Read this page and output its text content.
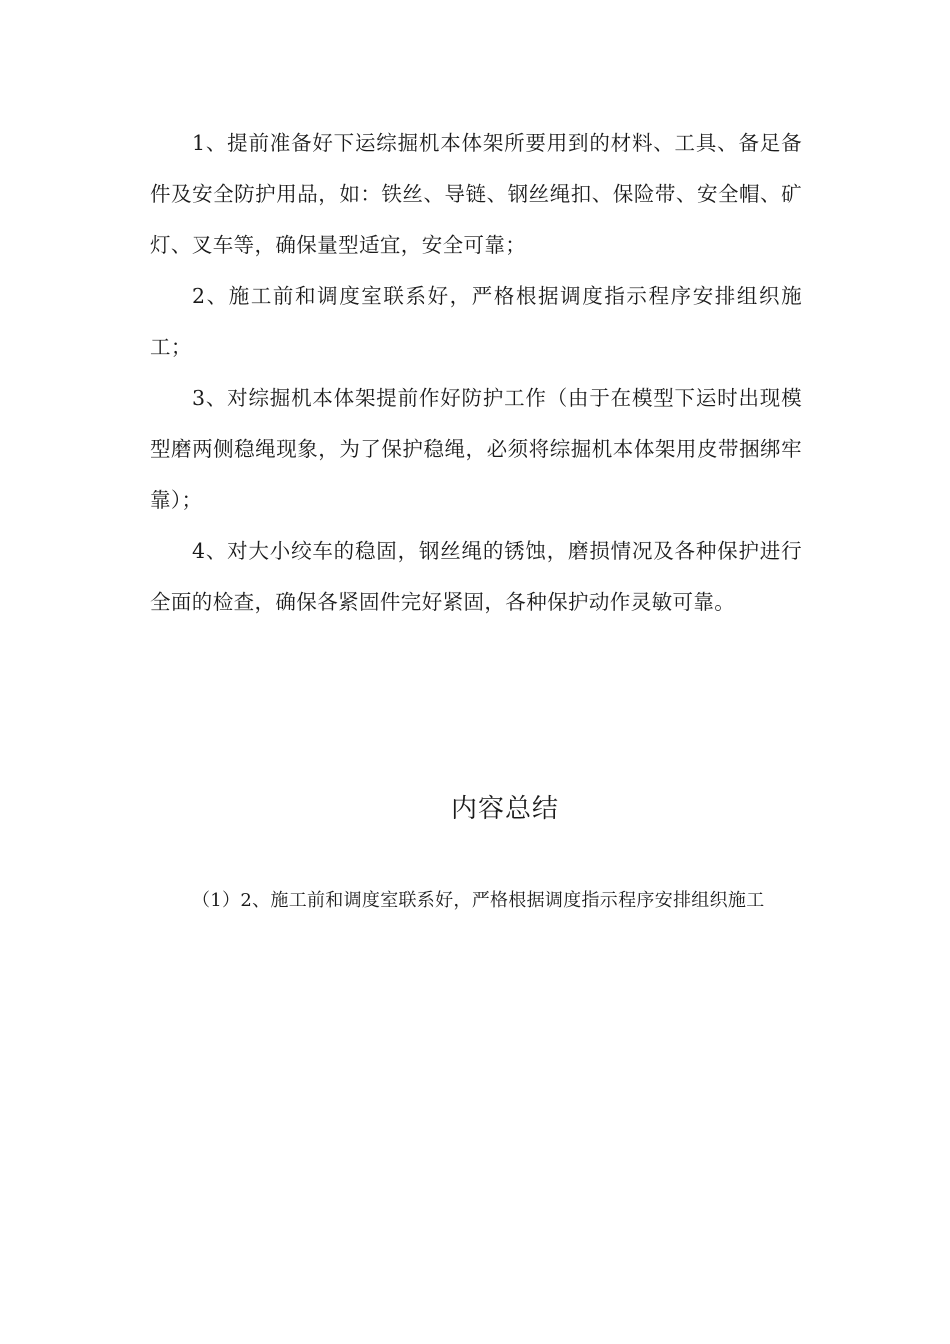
1、提前准备好下运综掘机本体架所要用到的材料、工具、备足备件及安全防护用品，如：铁丝、导链、钢丝绳扣、保险带、安全帽、矿灯、叉车等，确保量型适宜，安全可靠；

2、施工前和调度室联系好，严格根据调度指示程序安排组织施工；

3、对综掘机本体架提前作好防护工作（由于在模型下运时出现模型磨两侧稳绳现象，为了保护稳绳，必须将综掘机本体架用皮带捆绑牢靠）；

4、对大小绞车的稳固，钢丝绳的锈蚀，磨损情况及各种保护进行全面的检查，确保各紧固件完好紧固，各种保护动作灵敏可靠。

内容总结

（1）2、施工前和调度室联系好，严格根据调度指示程序安排组织施工
